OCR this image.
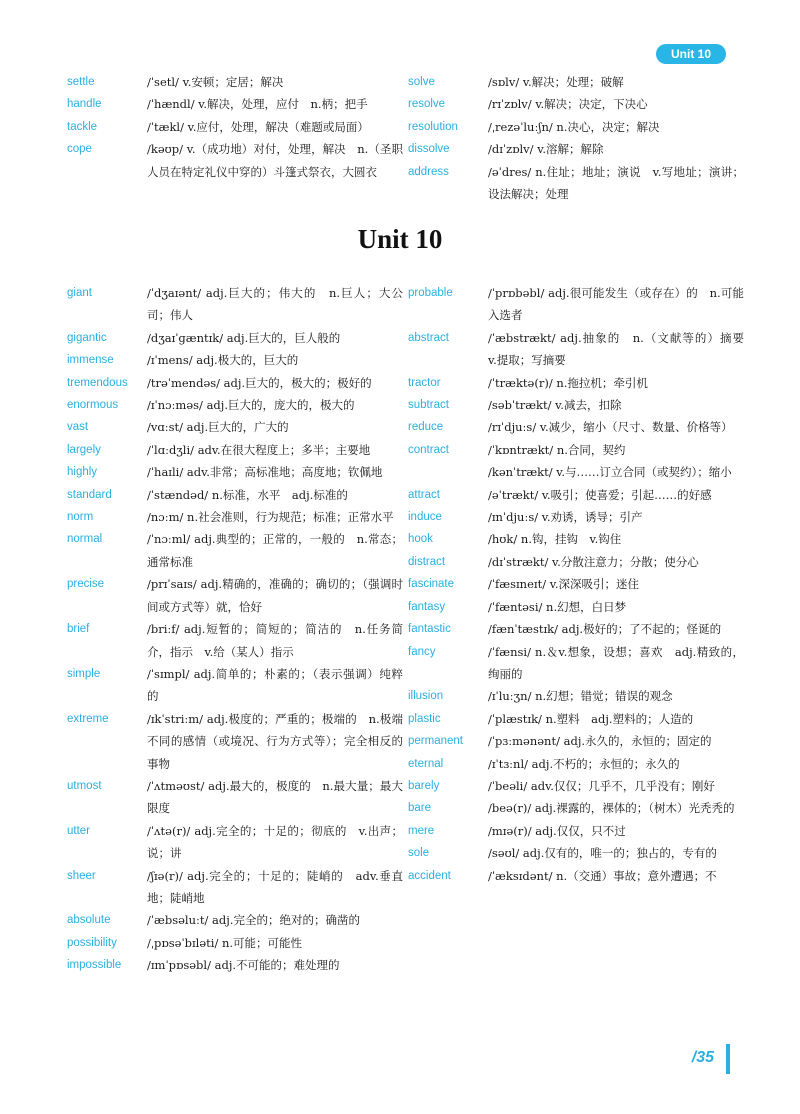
Unit 10
settle	/ˈsetl/ v.安顿；定居；解决
handle	/ˈhændl/ v.解决，处理，应付　n.柄；把手
tackle	/ˈtækl/ v.应付，处理，解决（难题或局面）
cope	/kəʊp/ v.（成功地）对付，处理，解决　n.（圣职人员在特定礼仪中穿的）斗篷式祭衣，大圆衣
solve	/sɒlv/ v.解决；处理；破解
resolve	/rɪˈzɒlv/ v.解决；决定，下决心
resolution	/ˌrezəˈluːʃn/ n.决心，决定；解决
dissolve	/dɪˈzɒlv/ v.溶解；解除
address	/əˈdres/ n.住址；地址；演说　v.写地址；演讲；设法解决；处理
Unit 10
giant	/ˈdʒaɪənt/ adj.巨大的；伟大的　n.巨人；大公司；伟人
gigantic	/dʒaɪˈɡæntɪk/ adj.巨大的，巨人般的
immense	/ɪˈmens/ adj.极大的，巨大的
tremendous	/trəˈmendəs/ adj.巨大的，极大的；极好的
enormous	/ɪˈnɔːməs/ adj.巨大的，庞大的，极大的
vast	/vɑːst/ adj.巨大的，广大的
largely	/ˈlɑːdʒli/ adv.在很大程度上；多半；主要地
highly	/ˈhaɪli/ adv.非常；高标准地；高度地；钦佩地
standard	/ˈstændəd/ n.标准，水平　adj.标准的
norm	/nɔːm/ n.社会准则，行为规范；标准；正常水平
normal	/ˈnɔːml/ adj.典型的；正常的，一般的　n.常态；通常标准
precise	/prɪˈsaɪs/ adj.精确的，准确的；确切的；（强调时间或方式等）就，恰好
brief	/briːf/ adj.短暂的；简短的；简洁的　n.任务简介，指示　v.给（某人）指示
simple	/ˈsɪmpl/ adj.简单的；朴素的；（表示强调）纯粹的
extreme	/ɪkˈstriːm/ adj.极度的；严重的；极端的　n.极端不同的感情（或境况、行为方式等）；完全相反的事物
utmost	/ˈʌtməʊst/ adj.最大的，极度的　n.最大量；最大限度
utter	/ˈʌtə(r)/ adj.完全的；十足的；彻底的　v.出声；说；讲
sheer	/ʃɪə(r)/ adj.完全的；十足的；陡峭的　adv.垂直地；陡峭地
absolute	/ˈæbsəluːt/ adj.完全的；绝对的；确凿的
possibility	/ˌpɒsəˈbɪləti/ n.可能；可能性
impossible	/ɪmˈpɒsəbl/ adj.不可能的；难处理的
probable	/ˈprɒbəbl/ adj.很可能发生（或存在）的　n.可能入选者
abstract	/ˈæbstrækt/ adj.抽象的　n.（文献等的）摘要　v.提取；写摘要
tractor	/ˈtræktə(r)/ n.拖拉机；牵引机
subtract	/səbˈtrækt/ v.减去，扣除
reduce	/rɪˈdjuːs/ v.减少，缩小（尺寸、数量、价格等）
contract	/ˈkɒntrækt/ n.合同，契约
/kənˈtrækt/ v.与……订立合同（或契约）；缩小
attract	/əˈtrækt/ v.吸引；使喜爱；引起……的好感
induce	/ɪnˈdjuːs/ v.劝诱，诱导；引产
hook	/hʊk/ n.钩，挂钩　v.钩住
distract	/dɪˈstrækt/ v.分散注意力；分散；使分心
fascinate	/ˈfæsɪneɪt/ v.深深吸引；迷住
fantasy	/ˈfæntəsi/ n.幻想，白日梦
fantastic	/fænˈtæstɪk/ adj.极好的；了不起的；怪诞的
fancy	/ˈfænsi/ n.＆v.想象，设想；喜欢　adj.精致的，绚丽的
illusion	/ɪˈluːʒn/ n.幻想；错觉；错误的观念
plastic	/ˈplæstɪk/ n.塑料　adj.塑料的；人造的
permanent	/ˈpɜːmənənt/ adj.永久的，永恒的；固定的
eternal	/ɪˈtɜːnl/ adj.不朽的；永恒的；永久的
barely	/ˈbeəli/ adv.仅仅；几乎不，几乎没有；刚好
bare	/beə(r)/ adj.裸露的，裸体的；（树木）光秃秃的
mere	/mɪə(r)/ adj.仅仅，只不过
sole	/səʊl/ adj.仅有的，唯一的；独占的，专有的
accident	/ˈæksɪdənt/ n.（交通）事故；意外遭遇；不
/35
